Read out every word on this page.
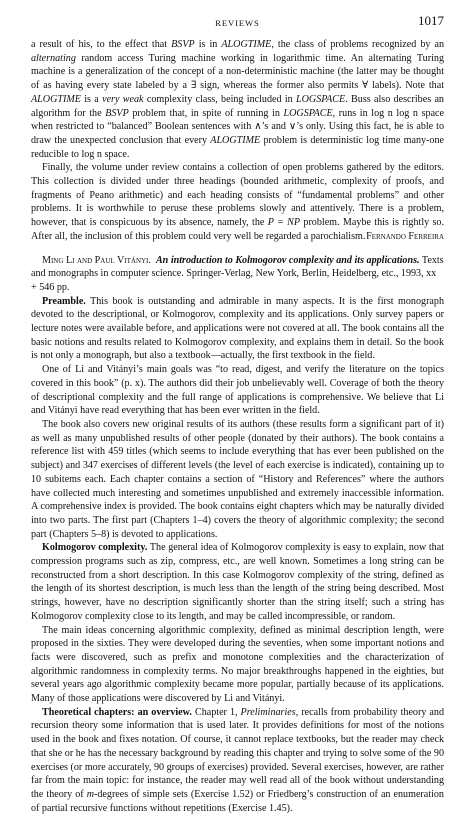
REVIEWS	1017

a result of his, to the effect that BSVP is in ALOGTIME, the class of problems recognized by an alternating random access Turing machine working in logarithmic time. An alternating Turing machine is a generalization of the concept of a non-deterministic machine (the latter may be thought of as having every state labeled by a ∃ sign, whereas the former also permits ∀ labels). Note that ALOGTIME is a very weak complexity class, being included in LOGSPACE. Buss also describes an algorithm for the BSVP problem that, in spite of running in LOGSPACE, runs in log n log n space when restricted to “balanced” Boolean sentences with ∧’s and ∨’s only. Using this fact, he is able to draw the unexpected conclusion that every ALOGTIME problem is deterministic log time many-one reducible to log n space.

Finally, the volume under review contains a collection of open problems gathered by the editors. This collection is divided under three headings (bounded arithmetic, complexity of proofs, and fragments of Peano arithmetic) and each heading consists of “fundamental problems” and other problems. It is worthwhile to peruse these problems slowly and attentively. There is a problem, however, that is conspicuous by its absence, namely, the P = NP problem. Maybe this is rightly so. After all, the inclusion of this problem could very well be regarded a parochialism. Fernando Ferreira

Ming Li and Paul Vitányi. An introduction to Kolmogorov complexity and its applications. Texts and monographs in computer science. Springer-Verlag, New York, Berlin, Heidelberg, etc., 1993, xx + 546 pp.

Preamble. This book is outstanding and admirable in many aspects. It is the first monograph devoted to the descriptional, or Kolmogorov, complexity and its applications. Only survey papers or lecture notes were available before, and applications were not covered at all. The book contains all the basic notions and results related to Kolmogorov complexity, and explains them in detail. So the book is not only a monograph, but also a textbook—actually, the first textbook in the field.

One of Li and Vitányi’s main goals was “to read, digest, and verify the literature on the topics covered in this book” (p. x). The authors did their job unbelievably well. Coverage of both the theory of descriptional complexity and the full range of applications is comprehensive. We believe that Li and Vitányi have read everything that has been ever written in the field.

The book also covers new original results of its authors (these results form a significant part of it) as well as many unpublished results of other people (donated by their authors). The book contains a reference list with 459 titles (which seems to include everything that has ever been published on the subject) and 347 exercises of different levels (the level of each exercise is indicated), containing up to 10 subitems each. Each chapter contains a section of “History and References” where the authors have collected much interesting and sometimes unpublished and extremely inaccessible information. A comprehensive index is provided. The book contains eight chapters which may be naturally divided into two parts. The first part (Chapters 1–4) covers the theory of algorithmic complexity; the second part (Chapters 5–8) is devoted to applications.

Kolmogorov complexity. The general idea of Kolmogorov complexity is easy to explain, now that compression programs such as zip, compress, etc., are well known. Sometimes a long string can be reconstructed from a short description. In this case Kolmogorov complexity of the string, defined as the length of its shortest description, is much less than the length of the string being described. Most strings, however, have no description significantly shorter than the string itself; such a string has Kolmogorov complexity close to its length, and may be called incompressible, or random.

The main ideas concerning algorithmic complexity, defined as minimal description length, were proposed in the sixties. They were developed during the seventies, when some important notions and facts were discovered, such as prefix and monotone complexities and the characterization of algorithmic randomness in complexity terms. No major breakthroughs happened in the eighties, but several years ago algorithmic complexity became more popular, partially because of its applications. Many of those applications were discovered by Li and Vitányi.

Theoretical chapters: an overview. Chapter 1, Preliminaries, recalls from probability theory and recursion theory some information that is used later. It provides definitions for most of the notions used in the book and fixes notation. Of course, it cannot replace textbooks, but the reader may check that she or he has the necessary background by reading this chapter and trying to solve some of the 90 exercises (or more accurately, 90 groups of exercises) provided. Several exercises, however, are rather far from the main topic: for instance, the reader may well read all of the book without understanding the theory of m-degrees of simple sets (Exercise 1.52) or Friedberg’s construction of an enumeration of partial recursive functions without repetitions (Exercise 1.45).
